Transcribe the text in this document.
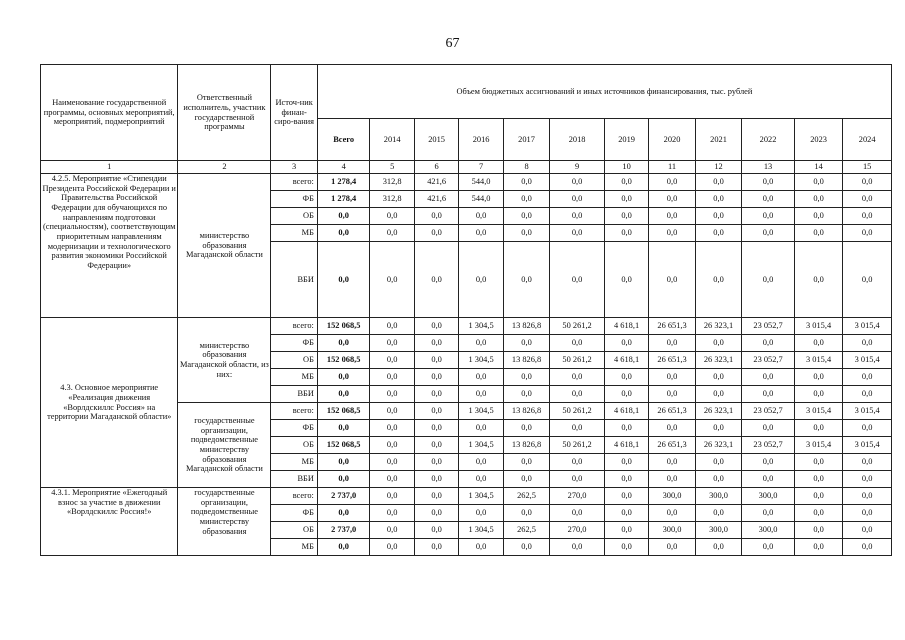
67
Наименование государственной программы, основных мероприятий, мероприятий, подмероприятий	Ответственный исполнитель, участник государственной программы	Источ-ник финан-сиро-вания	Объем бюджетных ассигнований и иных источников финансирования, тыс. рублей											
			Всего	2014	2015	2016	2017	2018	2019	2020	2021	2022	2023	2024
1	2	3	4	5	6	7	8	9	10	11	12	13	14	15
4.2.5. Мероприятие «Стипендии Президента Российской Федерации и Правительства Российской Федерации для обучающихся по направлениям подготовки (специальностям), соответствующим приоритетным направлениям модернизации и технологического развития экономики Российской Федерации»	министерство образования Магаданской области	всего:	1 278,4	312,8	421,6	544,0	0,0	0,0	0,0	0,0	0,0	0,0	0,0	0,0
		ФБ	1 278,4	312,8	421,6	544,0	0,0	0,0	0,0	0,0	0,0	0,0	0,0	0,0
		ОБ	0,0	0,0	0,0	0,0	0,0	0,0	0,0	0,0	0,0	0,0	0,0	0,0
		МБ	0,0	0,0	0,0	0,0	0,0	0,0	0,0	0,0	0,0	0,0	0,0	0,0
		ВБИ	0,0	0,0	0,0	0,0	0,0	0,0	0,0	0,0	0,0	0,0	0,0	0,0
4.3. Основное мероприятие «Реализация движения «Ворлдскиллс Россия» на территории Магаданской области»	министерство образования Магаданской области, из них:	всего:	152 068,5	0,0	0,0	1 304,5	13 826,8	50 261,2	4 618,1	26 651,3	26 323,1	23 052,7	3 015,4	3 015,4
		ФБ	0,0	0,0	0,0	0,0	0,0	0,0	0,0	0,0	0,0	0,0	0,0	0,0
		ОБ	152 068,5	0,0	0,0	1 304,5	13 826,8	50 261,2	4 618,1	26 651,3	26 323,1	23 052,7	3 015,4	3 015,4
		МБ	0,0	0,0	0,0	0,0	0,0	0,0	0,0	0,0	0,0	0,0	0,0	0,0
		ВБИ	0,0	0,0	0,0	0,0	0,0	0,0	0,0	0,0	0,0	0,0	0,0	0,0
	государственные организации, подведомственные министерству образования Магаданской области	всего:	152 068,5	0,0	0,0	1 304,5	13 826,8	50 261,2	4 618,1	26 651,3	26 323,1	23 052,7	3 015,4	3 015,4
		ФБ	0,0	0,0	0,0	0,0	0,0	0,0	0,0	0,0	0,0	0,0	0,0	0,0
		ОБ	152 068,5	0,0	0,0	1 304,5	13 826,8	50 261,2	4 618,1	26 651,3	26 323,1	23 052,7	3 015,4	3 015,4
		МБ	0,0	0,0	0,0	0,0	0,0	0,0	0,0	0,0	0,0	0,0	0,0	0,0
		ВБИ	0,0	0,0	0,0	0,0	0,0	0,0	0,0	0,0	0,0	0,0	0,0	0,0
4.3.1. Мероприятие «Ежегодный взнос за участие в движении «Ворлдскиллс Россия!»	государственные организации, подведомственные министерству образования	всего:	2 737,0	0,0	0,0	1 304,5	262,5	270,0	0,0	300,0	300,0	300,0	0,0	0,0
		ФБ	0,0	0,0	0,0	0,0	0,0	0,0	0,0	0,0	0,0	0,0	0,0	0,0
		ОБ	2 737,0	0,0	0,0	1 304,5	262,5	270,0	0,0	300,0	300,0	300,0	0,0	0,0
		МБ	0,0	0,0	0,0	0,0	0,0	0,0	0,0	0,0	0,0	0,0	0,0	0,0
